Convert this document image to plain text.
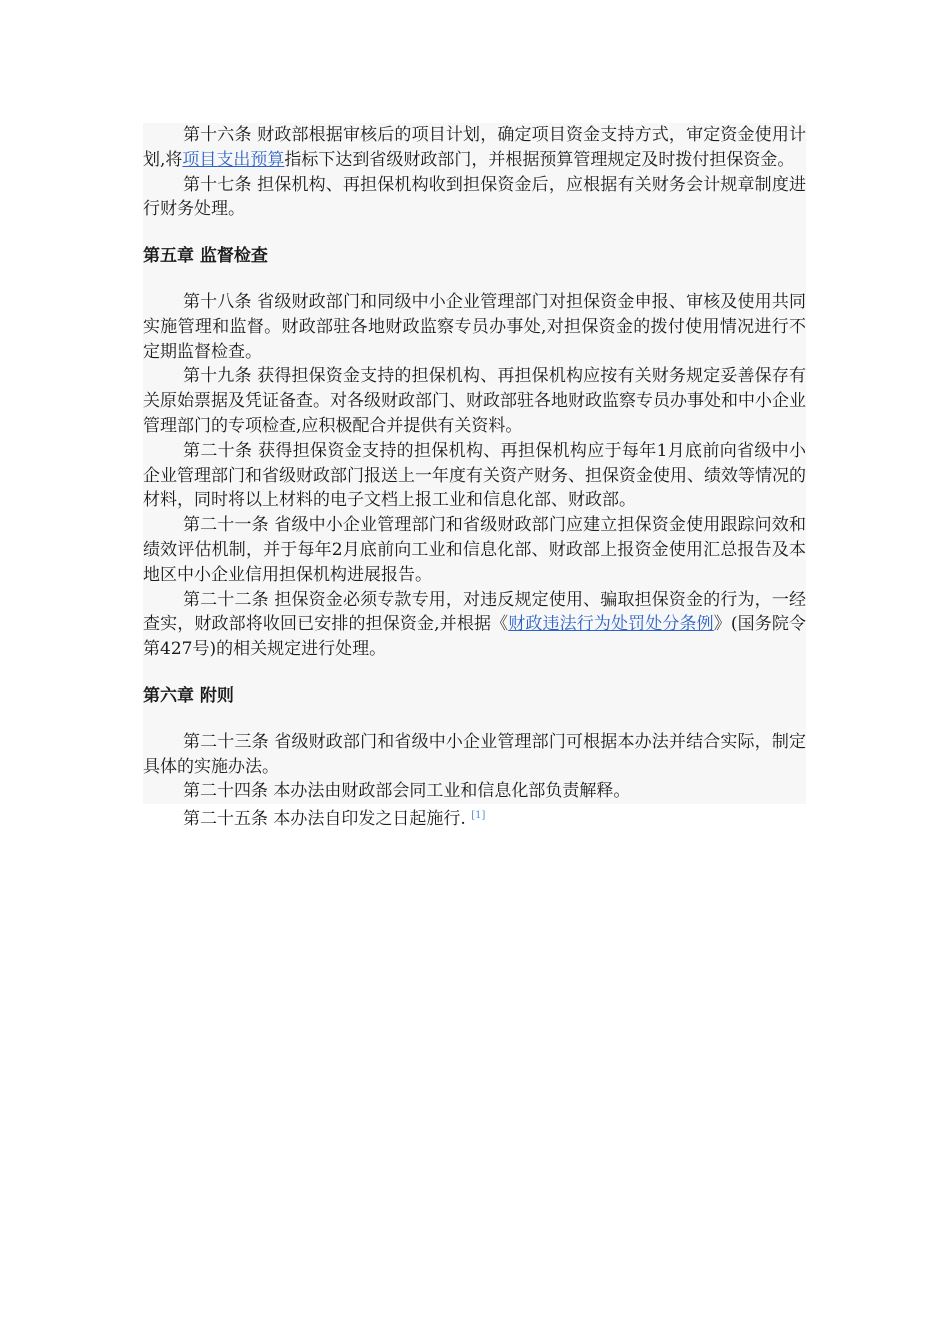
第十六条 财政部根据审核后的项目计划，确定项目资金支持方式，审定资金使用计划,将项目支出预算指标下达到省级财政部门，并根据预算管理规定及时拨付担保资金。

第十七条 担保机构、再担保机构收到担保资金后，应根据有关财务会计规章制度进行财务处理。

第五章 监督检查

第十八条 省级财政部门和同级中小企业管理部门对担保资金申报、审核及使用共同实施管理和监督。财政部驻各地财政监察专员办事处,对担保资金的拨付使用情况进行不定期监督检查。

第十九条 获得担保资金支持的担保机构、再担保机构应按有关财务规定妥善保存有关原始票据及凭证备查。对各级财政部门、财政部驻各地财政监察专员办事处和中小企业管理部门的专项检查,应积极配合并提供有关资料。

第二十条 获得担保资金支持的担保机构、再担保机构应于每年1月底前向省级中小企业管理部门和省级财政部门报送上一年度有关资产财务、担保资金使用、绩效等情况的材料，同时将以上材料的电子文档上报工业和信息化部、财政部。

第二十一条 省级中小企业管理部门和省级财政部门应建立担保资金使用跟踪问效和绩效评估机制，并于每年2月底前向工业和信息化部、财政部上报资金使用汇总报告及本地区中小企业信用担保机构进展报告。

第二十二条 担保资金必须专款专用，对违反规定使用、骗取担保资金的行为，一经查实，财政部将收回已安排的担保资金,并根据《财政违法行为处罚处分条例》(国务院令第427号)的相关规定进行处理。

第六章 附则

第二十三条 省级财政部门和省级中小企业管理部门可根据本办法并结合实际，制定具体的实施办法。

第二十四条 本办法由财政部会同工业和信息化部负责解释。

第二十五条 本办法自印发之日起施行. [1]
